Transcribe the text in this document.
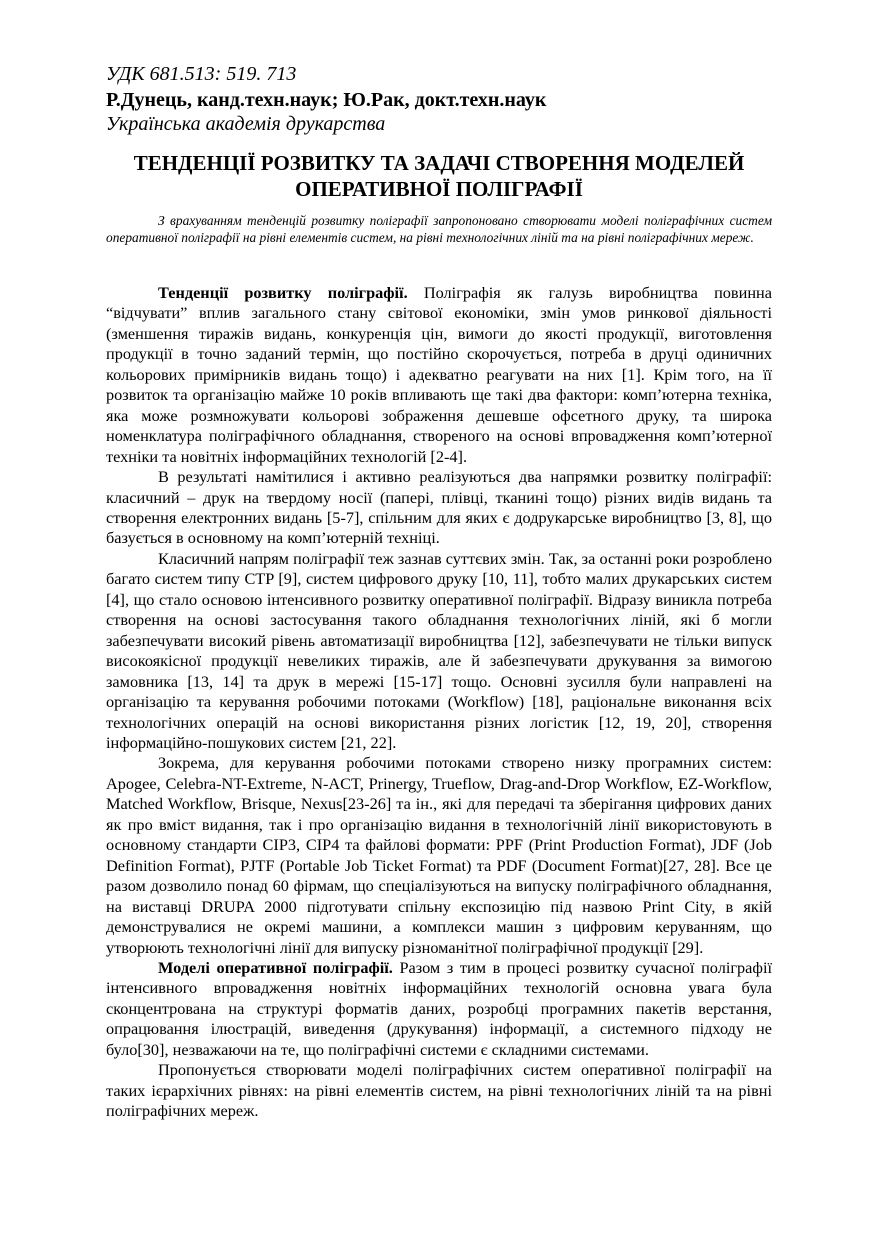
УДК 681.513: 519. 713
Р.Дунець, канд.техн.наук; Ю.Рак, докт.техн.наук
Українська академія друкарства
ТЕНДЕНЦІЇ РОЗВИТКУ ТА ЗАДАЧІ СТВОРЕННЯ МОДЕЛЕЙ
ОПЕРАТИВНОЇ ПОЛІГРАФІЇ
З врахуванням тенденцій розвитку поліграфії запропоновано створювати моделі поліграфічних систем оперативної поліграфії на рівні елементів систем, на рівні технологічних ліній та на рівні поліграфічних мереж.

Тенденції розвитку поліграфії. Поліграфія як галузь виробництва повинна “відчувати” вплив загального стану світової економіки, змін умов ринкової діяльності (зменшення тиражів видань, конкуренція цін, вимоги до якості продукції, виготовлення продукції в точно заданий термін, що постійно скорочується, потреба в друці одиничних кольорових примірників видань тощо) і адекватно реагувати на них [1]. Крім того, на її розвиток та організацію майже 10 років впливають ще такі два фактори: комп’ютерна техніка, яка може розмножувати кольорові зображення дешевше офсетного друку, та широка номенклатура поліграфічного обладнання, створеного на основі впровадження комп’ютерної техніки та новітніх інформаційних технологій [2-4].

В результаті намітилися і активно реалізуються два напрямки розвитку поліграфії: класичний – друк на твердому носії (папері, плівці, тканині тощо) різних видів видань та створення електронних видань [5-7], спільним для яких є додрукарське виробництво [3, 8], що базується в основному на комп’ютерній техніці.

Класичний напрям поліграфії теж зазнав суттєвих змін. Так, за останні роки розроблено багато систем типу CTP [9], систем цифрового друку [10, 11], тобто малих друкарських систем [4], що стало основою інтенсивного розвитку оперативної поліграфії. Відразу виникла потреба створення на основі застосування такого обладнання технологічних ліній, які б могли забезпечувати високий рівень автоматизації виробництва [12], забезпечувати не тільки випуск високоякісної продукції невеликих тиражів, але й забезпечувати друкування за вимогою замовника [13, 14] та друк в мережі [15-17] тощо. Основні зусилля були направлені на організацію та керування робочими потоками (Workflow) [18], раціональне виконання всіх технологічних операцій на основі використання різних логістик [12, 19, 20], створення інформаційно-пошукових систем [21, 22].

Зокрема, для керування робочими потоками створено низку програмних систем: Apogee, Celebra-NT-Extreme, N-ACT, Prinergy, Trueflow, Drag-and-Drop Workflow, EZ-Workflow, Matched Workflow, Brisque, Nexus[23-26] та ін., які для передачі та зберігання цифрових даних як про вміст видання, так і про організацію видання в технологічній лінії використовують в основному стандарти CIP3, CIP4 та файлові формати: PPF (Print Production Format), JDF (Job Definition Format), PJTF (Portable Job Ticket Format) та PDF (Document Format)[27, 28]. Все це разом дозволило понад 60 фірмам, що спеціалізуються на випуску поліграфічного обладнання, на виставці DRUPA 2000 підготувати спільну експозицію під назвою Print City, в якій демонструвалися не окремі машини, а комплекси машин з цифровим керуванням, що утворюють технологічні лінії для випуску різноманітної поліграфічної продукції [29].

Моделі оперативної поліграфії. Разом з тим в процесі розвитку сучасної поліграфії інтенсивного впровадження новітніх інформаційних технологій основна увага була сконцентрована на структурі форматів даних, розробці програмних пакетів верстання, опрацювання ілюстрацій, виведення (друкування) інформації, а системного підходу не було[30], незважаючи на те, що поліграфічні системи є складними системами.

Пропонується створювати моделі поліграфічних систем оперативної поліграфії на таких ієрархічних рівнях: на рівні елементів систем, на рівні технологічних ліній та на рівні поліграфічних мереж.
